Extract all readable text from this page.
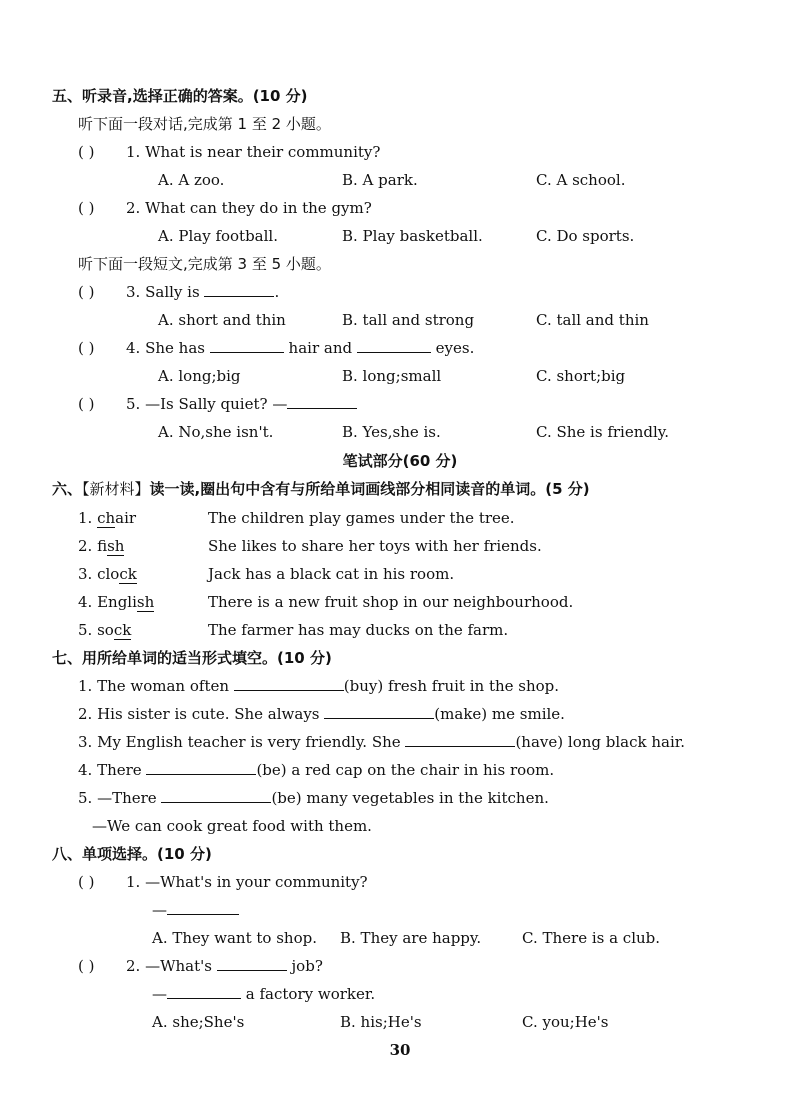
五、听录音,选择正确的答案。(10 分)
听下面一段对话,完成第 1 至 2 小题。
( ) 1. What is near their community?
A. A zoo.	B. A park.	C. A school.
( ) 2. What can they do in the gym?
A. Play football.	B. Play basketball.	C. Do sports.
听下面一段短文,完成第 3 至 5 小题。
( ) 3. Sally is	.
A. short and thin	B. tall and strong	C. tall and thin
( ) 4. She has	hair and	eyes.
A. long;big	B. long;small	C. short;big
( ) 5. —Is Sally quiet? —
A. No,she isn't.	B. Yes,she is.	C. She is friendly.
笔试部分(60 分)
六、【新材料】读一读,圈出句中含有与所给单词画线部分相同读音的单词。(5 分)
1. chair	The children play games under the tree.
2. fish	She likes to share her toys with her friends.
3. clock	Jack has a black cat in his room.
4. English	There is a new fruit shop in our neighbourhood.
5. sock	The farmer has may ducks on the farm.
七、用所给单词的适当形式填空。(10 分)
1. The woman often	(buy) fresh fruit in the shop.
2. His sister is cute. She always	(make) me smile.
3. My English teacher is very friendly. She	(have) long black hair.
4. There	(be) a red cap on the chair in his room.
5. —There	(be) many vegetables in the kitchen.
—We can cook great food with them.
八、单项选择。(10 分)
( ) 1. —What's in your community?
—
A. They want to shop. B. They are happy.	C. There is a club.
( ) 2. —What's	job?
—	a factory worker.
A. she;She's	B. his;He's	C. you;He's
30
